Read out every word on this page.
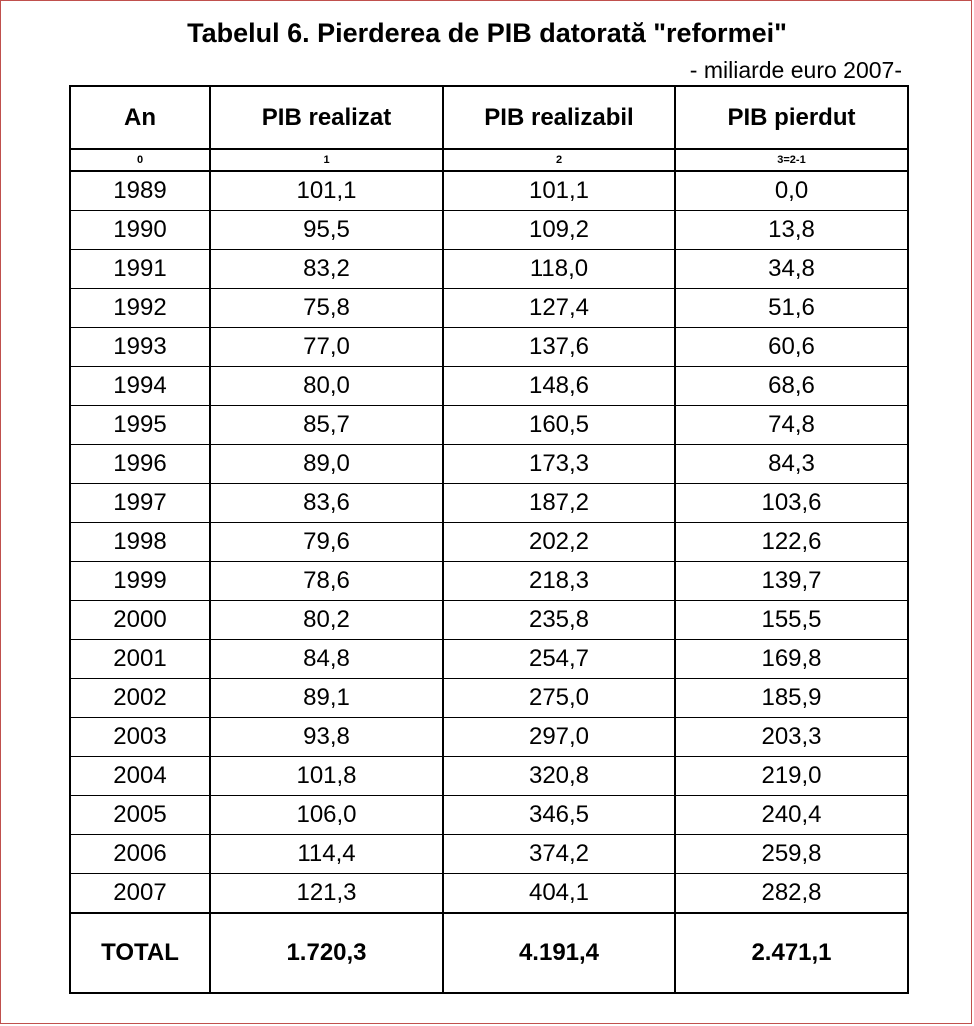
Tabelul 6. Pierderea de PIB datorată "reformei"
- miliarde euro 2007-
An	PIB realizat	PIB realizabil	PIB pierdut
0	1	2	3=2-1
1989	101,1	101,1	0,0
1990	95,5	109,2	13,8
1991	83,2	118,0	34,8
1992	75,8	127,4	51,6
1993	77,0	137,6	60,6
1994	80,0	148,6	68,6
1995	85,7	160,5	74,8
1996	89,0	173,3	84,3
1997	83,6	187,2	103,6
1998	79,6	202,2	122,6
1999	78,6	218,3	139,7
2000	80,2	235,8	155,5
2001	84,8	254,7	169,8
2002	89,1	275,0	185,9
2003	93,8	297,0	203,3
2004	101,8	320,8	219,0
2005	106,0	346,5	240,4
2006	114,4	374,2	259,8
2007	121,3	404,1	282,8
TOTAL	1.720,3	4.191,4	2.471,1
